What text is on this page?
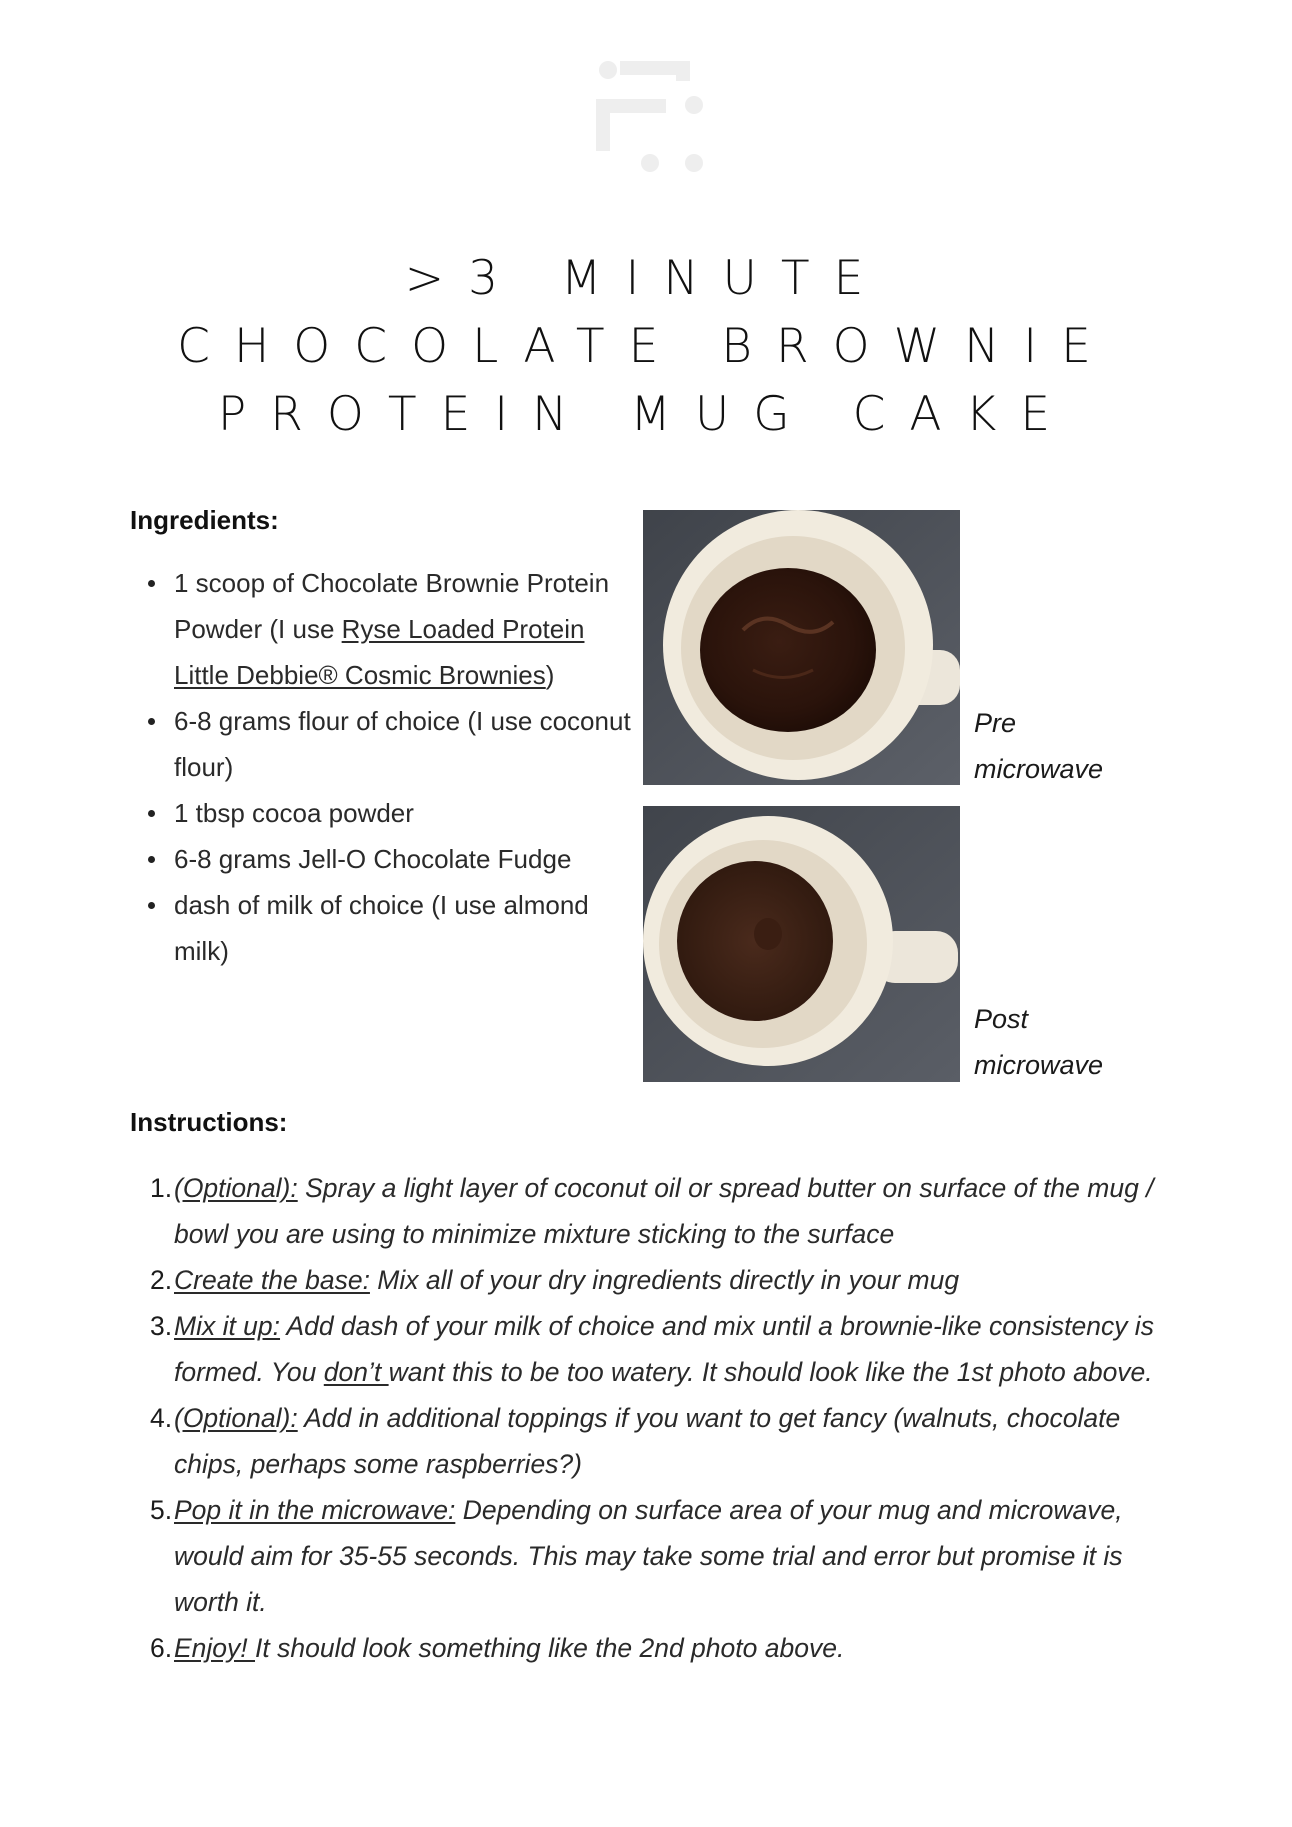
>3 MINUTE
CHOCOLATE BROWNIE
PROTEIN MUG CAKE
Ingredients:
1 scoop of Chocolate Brownie Protein Powder (I use Ryse Loaded Protein Little Debbie® Cosmic Brownies)
6-8 grams flour of choice (I use coconut flour)
1 tbsp cocoa powder
6-8 grams Jell-O Chocolate Fudge
dash of milk of choice (I use almond milk)
Pre
microwave
Post
microwave
Instructions:
1. (Optional): Spray a light layer of coconut oil or spread butter on surface of the mug / bowl you are using to minimize mixture sticking to the surface
2. Create the base: Mix all of your dry ingredients directly in your mug
3. Mix it up: Add dash of your milk of choice and mix until a brownie-like consistency is formed. You don’t want this to be too watery. It should look like the 1st photo above.
4. (Optional): Add in additional toppings if you want to get fancy (walnuts, chocolate chips, perhaps some raspberries?)
5. Pop it in the microwave: Depending on surface area of your mug and microwave, would aim for 35-55 seconds. This may take some trial and error but promise it is worth it.
6. Enjoy! It should look something like the 2nd photo above.
